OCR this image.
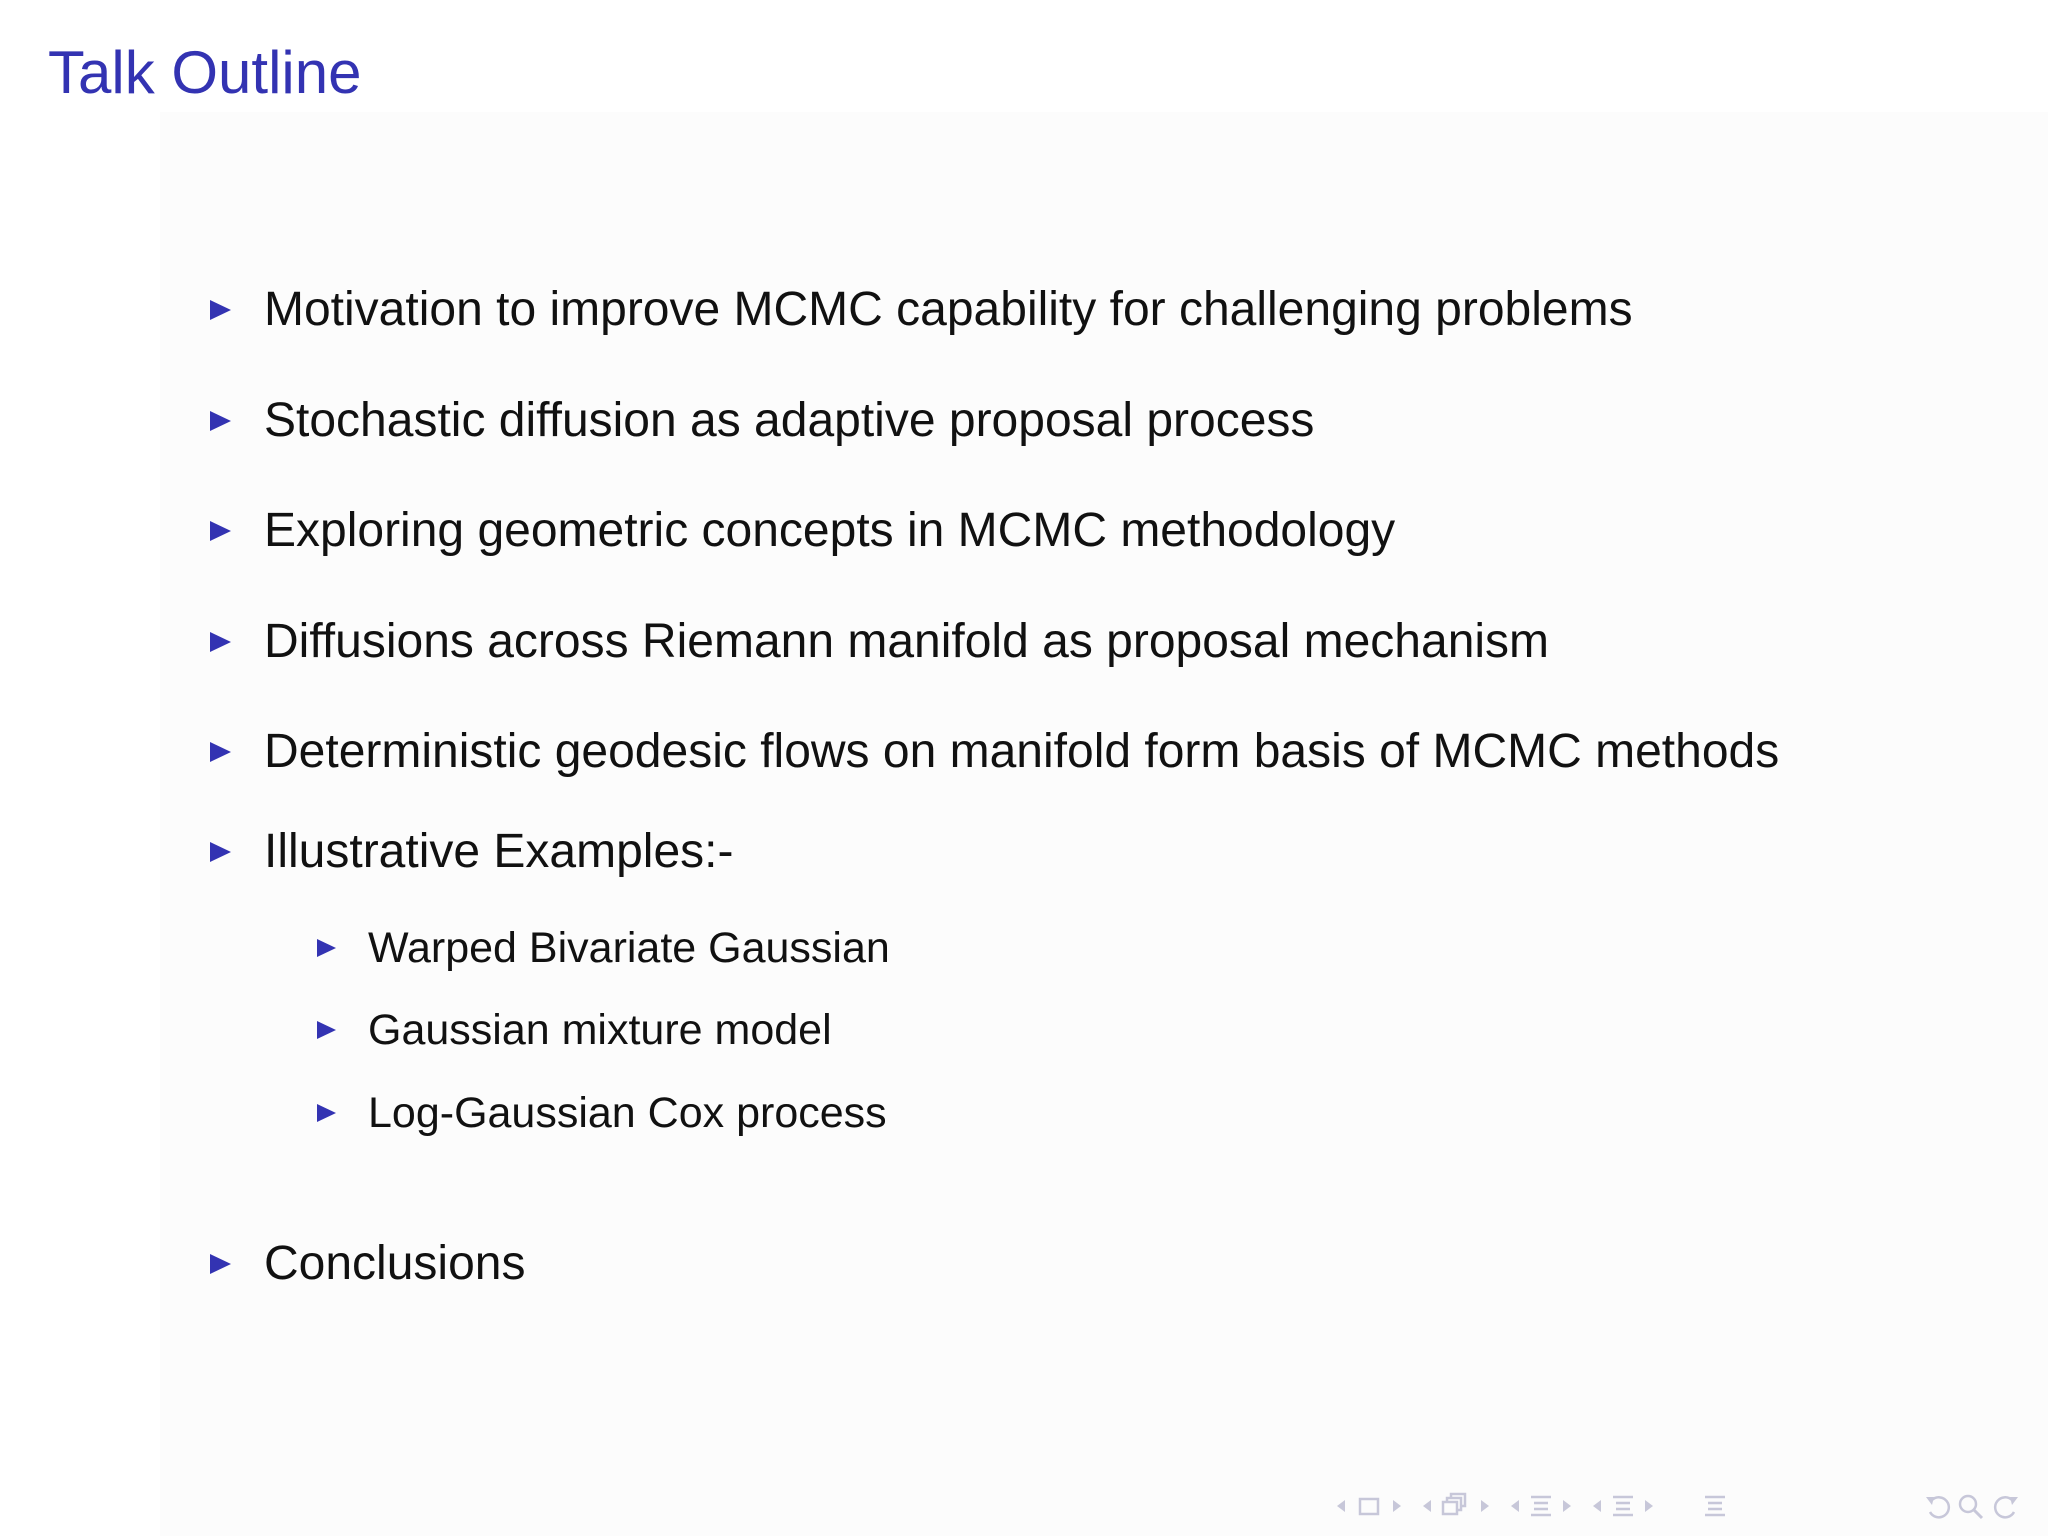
Talk Outline
Motivation to improve MCMC capability for challenging problems
Stochastic diffusion as adaptive proposal process
Exploring geometric concepts in MCMC methodology
Diffusions across Riemann manifold as proposal mechanism
Deterministic geodesic flows on manifold form basis of MCMC methods
Illustrative Examples:-
Warped Bivariate Gaussian
Gaussian mixture model
Log-Gaussian Cox process
Conclusions
